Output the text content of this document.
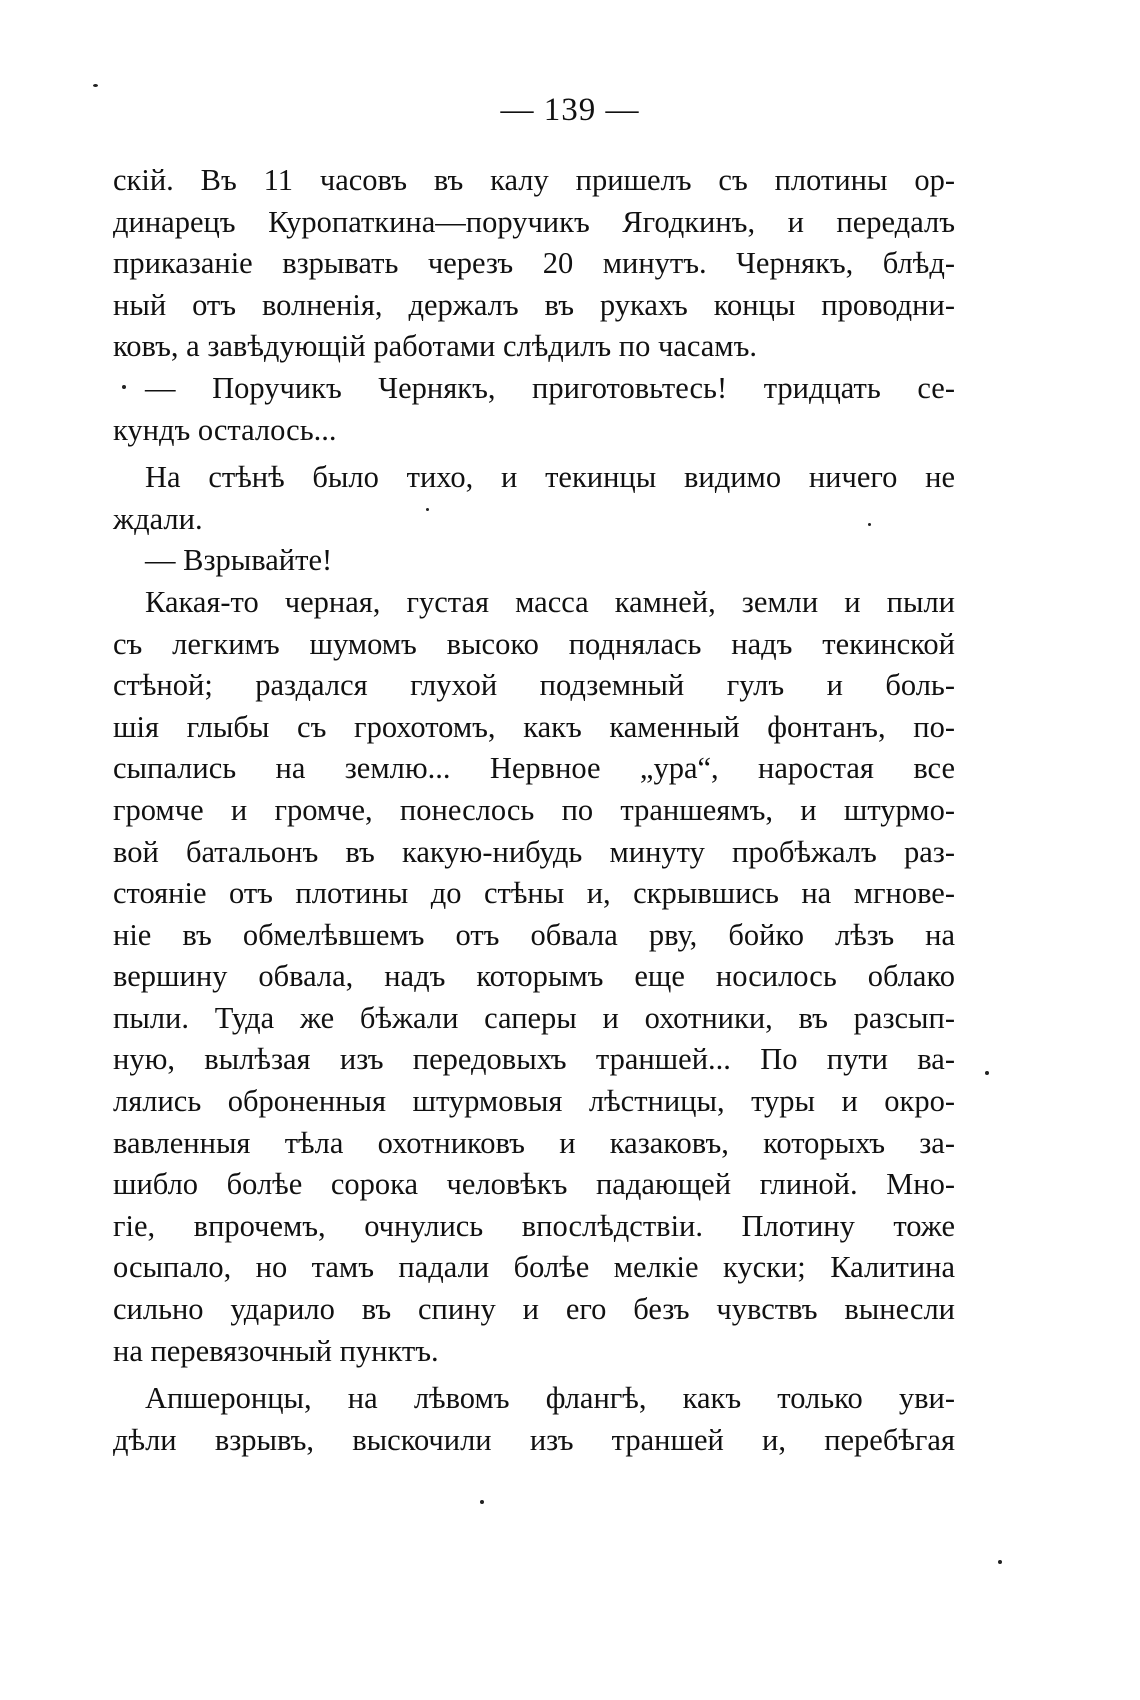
— 139 —
скій. Въ 11 часовъ въ калу пришелъ съ плотины ор-
динарецъ Куропаткина—поручикъ Ягодкинъ, и передалъ
приказаніе взрывать черезъ 20 минутъ. Чернякъ, блѣд-
ный отъ волненія, держалъ въ рукахъ концы проводни-
ковъ, а завѣдующій работами слѣдилъ по часамъ.
— Поручикъ Чернякъ, приготовьтесь! тридцать се-
кундъ осталось...
На стѣнѣ было тихо, и текинцы видимо ничего не
ждали.
— Взрывайте!
Какая-то черная, густая масса камней, земли и пыли
съ легкимъ шумомъ высоко поднялась надъ текинской
стѣной; раздался глухой подземный гулъ и боль-
шія глыбы съ грохотомъ, какъ каменный фонтанъ, по-
сыпались на землю... Нервное „ура“, наростая все
громче и громче, понеслось по траншеямъ, и штурмо-
вой батальонъ въ какую-нибудь минуту пробѣжалъ раз-
стояніе отъ плотины до стѣны и, скрывшись на мгнове-
ніе въ обмелѣвшемъ отъ обвала рву, бойко лѣзъ на
вершину обвала, надъ которымъ еще носилось облако
пыли. Туда же бѣжали саперы и охотники, въ разсып-
ную, вылѣзая изъ передовыхъ траншей... По пути ва-
лялись оброненныя штурмовыя лѣстницы, туры и окро-
вавленныя тѣла охотниковъ и казаковъ, которыхъ за-
шибло болѣе сорока человѣкъ падающей глиной. Мно-
гіе, впрочемъ, очнулись впослѣдствіи. Плотину тоже
осыпало, но тамъ падали болѣе мелкіе куски; Калитина
сильно ударило въ спину и его безъ чувствъ вынесли
на перевязочный пунктъ.
Апшеронцы, на лѣвомъ флангѣ, какъ только уви-
дѣли взрывъ, выскочили изъ траншей и, перебѣгая
